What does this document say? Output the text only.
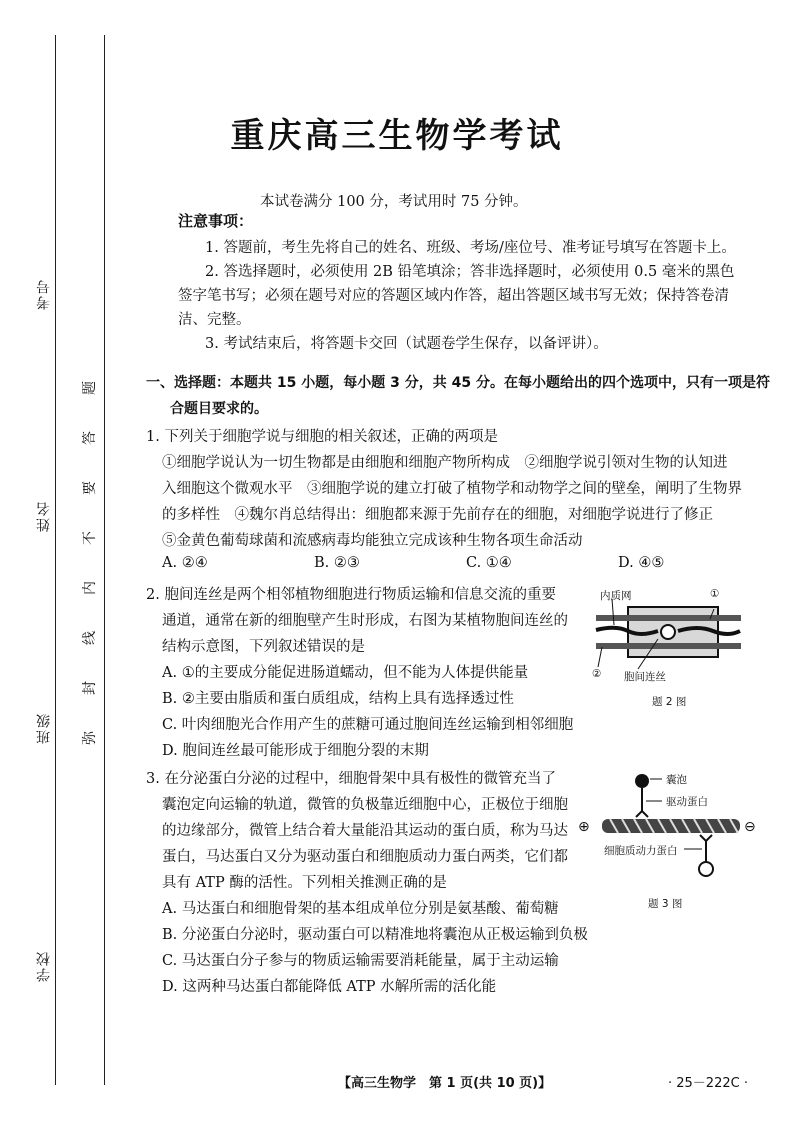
考号
姓名
班级
学校
题
答
要
不
内
线
封
弥
重庆高三生物学考试
本试卷满分 100 分，考试用时 75 分钟。
注意事项：
1. 答题前，考生先将自己的姓名、班级、考场/座位号、准考证号填写在答题卡上。
2. 答选择题时，必须使用 2B 铅笔填涂；答非选择题时，必须使用 0.5 毫米的黑色
签字笔书写；必须在题号对应的答题区域内作答，超出答题区域书写无效；保持答卷清
洁、完整。
3. 考试结束后，将答题卡交回（试题卷学生保存，以备评讲）。
一、选择题：本题共 15 小题，每小题 3 分，共 45 分。在每小题给出的四个选项中，只有一项是符
合题目要求的。
1. 下列关于细胞学说与细胞的相关叙述，正确的两项是
①细胞学说认为一切生物都是由细胞和细胞产物所构成　②细胞学说引领对生物的认知进
入细胞这个微观水平　③细胞学说的建立打破了植物学和动物学之间的壁垒，阐明了生物界
的多样性　④魏尔肖总结得出：细胞都来源于先前存在的细胞，对细胞学说进行了修正
⑤金黄色葡萄球菌和流感病毒均能独立完成该种生物各项生命活动
A. ②④	B. ②③	C. ①④	D. ④⑤
2. 胞间连丝是两个相邻植物细胞进行物质运输和信息交流的重要
通道，通常在新的细胞壁产生时形成，右图为某植物胞间连丝的
结构示意图，下列叙述错误的是
A. ①的主要成分能促进肠道蠕动，但不能为人体提供能量
B. ②主要由脂质和蛋白质组成，结构上具有选择透过性
C. 叶肉细胞光合作用产生的蔗糖可通过胞间连丝运输到相邻细胞
D. 胞间连丝最可能形成于细胞分裂的末期
内质网	①
② 胞间连丝
题 2 图
3. 在分泌蛋白分泌的过程中，细胞骨架中具有极性的微管充当了
囊泡定向运输的轨道，微管的负极靠近细胞中心，正极位于细胞
的边缘部分，微管上结合着大量能沿其运动的蛋白质，称为马达
蛋白，马达蛋白又分为驱动蛋白和细胞质动力蛋白两类，它们都
具有 ATP 酶的活性。下列相关推测正确的是
A. 马达蛋白和细胞骨架的基本组成单位分别是氨基酸、葡萄糖
B. 分泌蛋白分泌时，驱动蛋白可以精准地将囊泡从正极运输到负极
C. 马达蛋白分子参与的物质运输需要消耗能量，属于主动运输
D. 这两种马达蛋白都能降低 ATP 水解所需的活化能
囊泡
驱动蛋白
⊕	⊖
细胞质动力蛋白
题 3 图
【高三生物学　第 1 页(共 10 页)】	· 25－222C ·
